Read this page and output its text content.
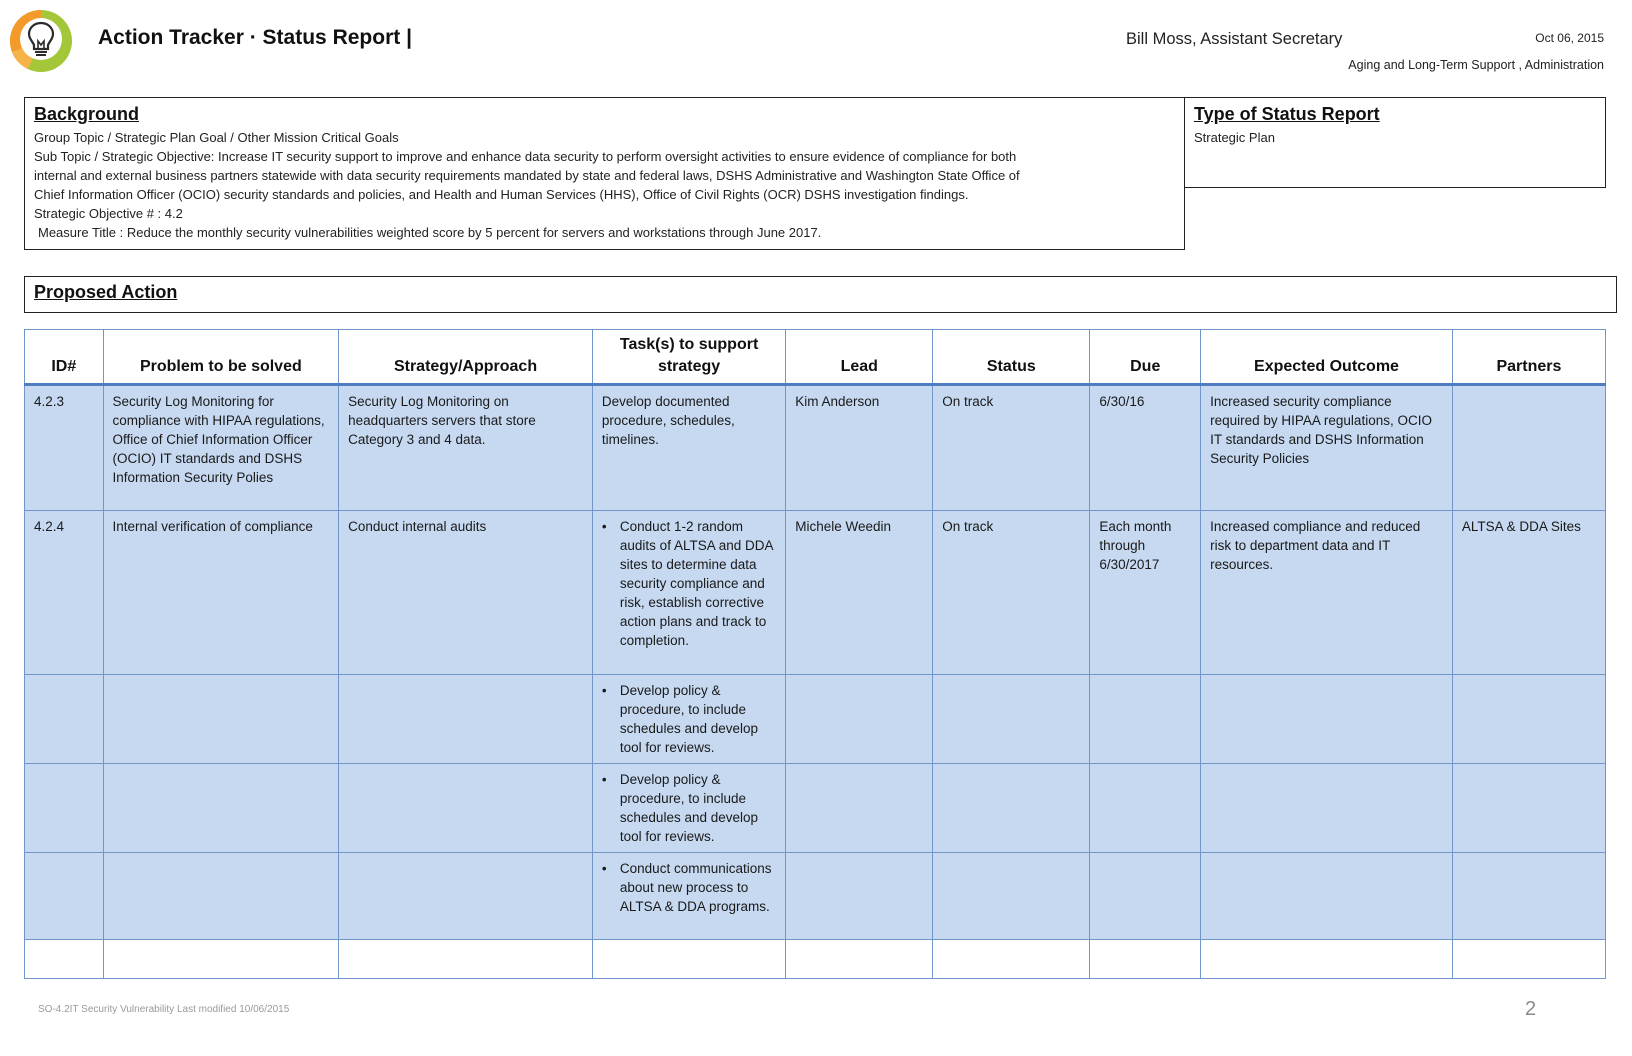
Action Tracker · Status Report |	Bill Moss, Assistant Secretary	Oct 06, 2015
Aging and Long-Term Support , Administration
Background
Group Topic / Strategic Plan Goal / Other Mission Critical Goals
Sub Topic / Strategic Objective: Increase IT security support to improve and enhance data security to perform oversight activities to ensure evidence of compliance for both
internal and external business partners statewide with data security requirements mandated by state and federal laws, DSHS Administrative and Washington State Office of
Chief Information Officer (OCIO) security standards and policies, and Health and Human Services (HHS), Office of Civil Rights (OCR) DSHS investigation findings.
Strategic Objective # : 4.2
Measure Title : Reduce the monthly security vulnerabilities weighted score by 5 percent for servers and workstations through June 2017.
Type of Status Report
Strategic Plan
Proposed Action
ID#	Problem to be solved	Strategy/Approach	Task(s) to support strategy	Lead	Status	Due	Expected Outcome	Partners
4.2.3	Security Log Monitoring for compliance with HIPAA regulations, Office of Chief Information Officer (OCIO) IT standards and DSHS Information Security Polies	Security Log Monitoring on headquarters servers that store Category 3 and 4 data.	Develop documented procedure, schedules, timelines.	Kim Anderson	On track	6/30/16	Increased security compliance required by HIPAA regulations, OCIO IT standards and DSHS Information Security Policies	
4.2.4	Internal verification of compliance	Conduct internal audits	• Conduct 1-2 random audits of ALTSA and DDA sites to determine data security compliance and risk, establish corrective action plans and track to completion.	Michele Weedin	On track	Each month through 6/30/2017	Increased compliance and reduced risk to department data and IT resources.	ALTSA & DDA Sites

			• Develop policy & procedure, to include schedules and develop tool for reviews.					

			• Develop policy & procedure, to include schedules and develop tool for reviews.					

			• Conduct communications about new process to ALTSA & DDA programs.					

SO-4.2IT Security Vulnerability Last modified 10/06/2015	2
